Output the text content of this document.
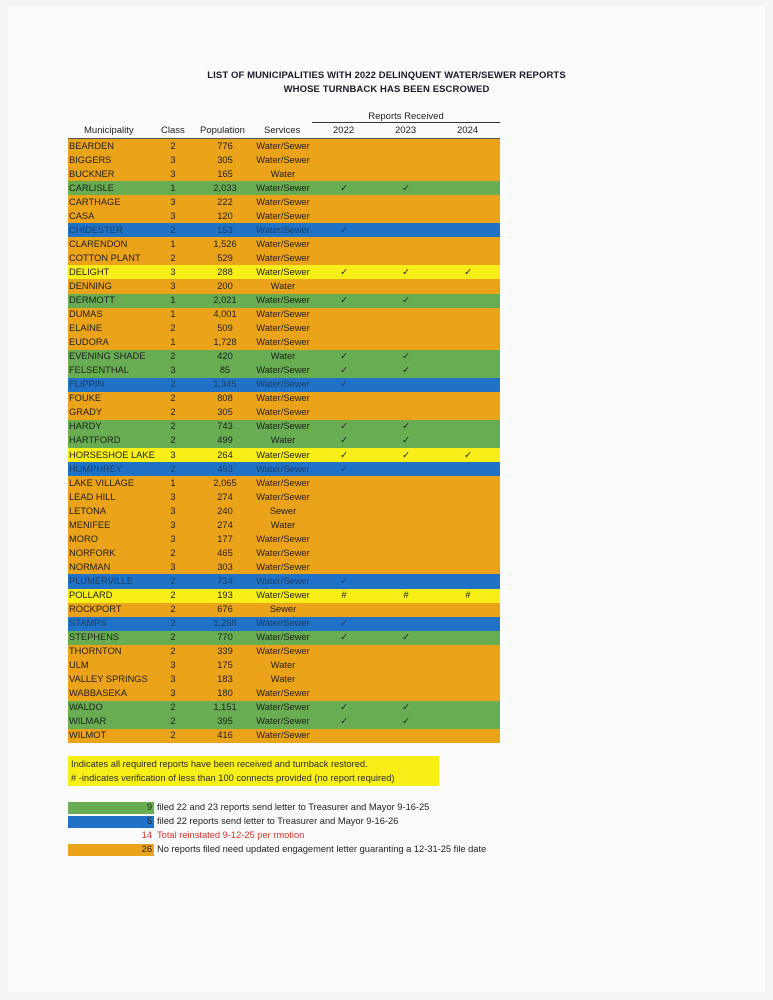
LIST OF MUNICIPALITIES WITH 2022 DELINQUENT WATER/SEWER REPORTS
WHOSE TURNBACK HAS BEEN ESCROWED
Reports Received
Municipality	Class Population Services	2022	2023	2024
BEARDEN	2	776	Water/Sewer
BIGGERS	3	305	Water/Sewer
BUCKNER	3	165	Water
CARLISLE	1	2,033	Water/Sewer	✓	✓
CARTHAGE	3	222	Water/Sewer
CASA	3	120	Water/Sewer
CHIDESTER	2	153	Water/Sewer	✓
CLARENDON	1	1,526	Water/Sewer
COTTON PLANT	2	529	Water/Sewer
DELIGHT	3	288	Water/Sewer	✓	✓	✓
DENNING	3	200	Water
DERMOTT	1	2,021	Water/Sewer	✓	✓
DUMAS	1	4,001	Water/Sewer
ELAINE	2	509	Water/Sewer
EUDORA	1	1,728	Water/Sewer
EVENING SHADE	2	420	Water	✓	✓
FELSENTHAL	3	85	Water/Sewer	✓	✓
FLIPPIN	2	1,345	Water/Sewer	✓
FOUKE	2	808	Water/Sewer
GRADY	2	305	Water/Sewer
HARDY	2	743	Water/Sewer	✓	✓
HARTFORD	2	499	Water	✓	✓
HORSESHOE LAKE	3	264	Water/Sewer	✓	✓	✓
HUMPHREY	2	493	Water/Sewer	✓
LAKE VILLAGE	1	2,065	Water/Sewer
LEAD HILL	3	274	Water/Sewer
LETONA	3	240	Sewer
MENIFEE	3	274	Water
MORO	3	177	Water/Sewer
NORFORK	2	465	Water/Sewer
NORMAN	3	303	Water/Sewer
PLUMERVILLE	2	734	Water/Sewer	✓
POLLARD	2	193	Water/Sewer	#	#	#
ROCKPORT	2	676	Sewer
STAMPS	2	1,268	Water/Sewer	✓
STEPHENS	2	770	Water/Sewer	✓	✓
THORNTON	2	339	Water/Sewer
ULM	3	175	Water
VALLEY SPRINGS	3	183	Water
WABBASEKA	3	180	Water/Sewer
WALDO	2	1,151	Water/Sewer	✓	✓
WILMAR	2	395	Water/Sewer	✓	✓
WILMOT	2	416	Water/Sewer
Indicates all required reports have been received and turnback restored.
# -indicates verification of less than 100 connects provided (no report required)
9 filed 22 and 23 reports send letter to Treasurer and Mayor 9-16-25
5 filed 22 reports send letter to Treasurer and Mayor 9-16-26
14 Total reinstated 9-12-25 per rmotion
26 No reports filed need updated engagement letter guaranting a 12-31-25 file date
